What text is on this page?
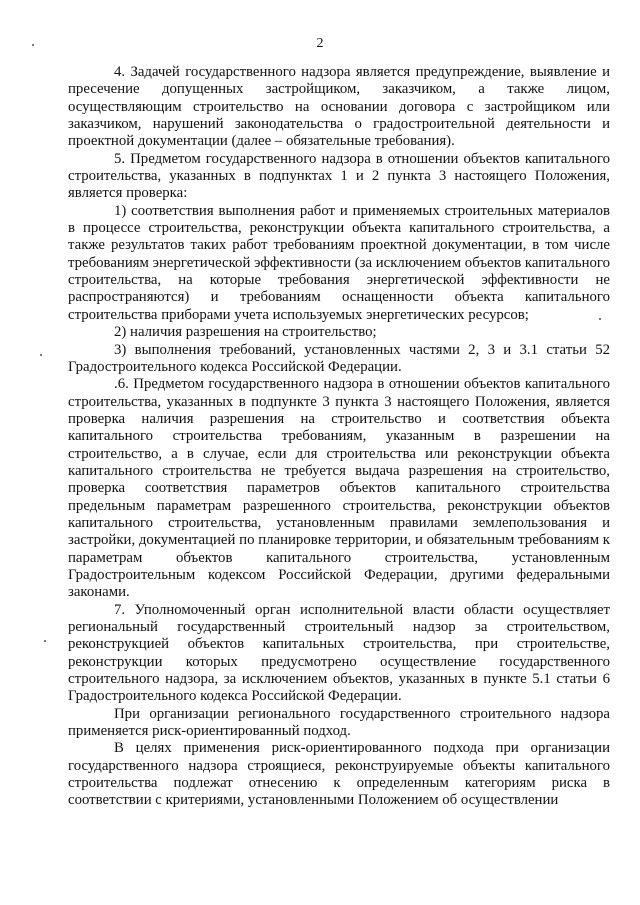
2

4. Задачей государственного надзора является предупреждение, выявление и пресечение допущенных застройщиком, заказчиком, а также лицом, осуществляющим строительство на основании договора с застройщиком или заказчиком, нарушений законодательства о градостроительной деятельности и проектной документации (далее – обязательные требования).

5. Предметом государственного надзора в отношении объектов капитального строительства, указанных в подпунктах 1 и 2 пункта 3 настоящего Положения, является проверка:

1) соответствия выполнения работ и применяемых строительных материалов в процессе строительства, реконструкции объекта капитального строительства, а также результатов таких работ требованиям проектной документации, в том числе требованиям энергетической эффективности (за исключением объектов капитального строительства, на которые требования энергетической эффективности не распространяются) и требованиям оснащенности объекта капитального строительства приборами учета используемых энергетических ресурсов;

2) наличия разрешения на строительство;

3) выполнения требований, установленных частями 2, 3 и 3.1 статьи 52 Градостроительного кодекса Российской Федерации.

.6. Предметом государственного надзора в отношении объектов капитального строительства, указанных в подпункте 3 пункта 3 настоящего Положения, является проверка наличия разрешения на строительство и соответствия объекта капитального строительства требованиям, указанным в разрешении на строительство, а в случае, если для строительства или реконструкции объекта капитального строительства не требуется выдача разрешения на строительство, проверка соответствия параметров объектов капитального строительства предельным параметрам разрешенного строительства, реконструкции объектов капитального строительства, установленным правилами землепользования и застройки, документацией по планировке территории, и обязательным требованиям к параметрам объектов капитального строительства, установленным Градостроительным кодексом Российской Федерации, другими федеральными законами.

7. Уполномоченный орган исполнительной власти области осуществляет региональный государственный строительный надзор за строительством, реконструкцией объектов капитальных строительства, при строительстве, реконструкции которых предусмотрено осуществление государственного строительного надзора, за исключением объектов, указанных в пункте 5.1 статьи 6 Градостроительного кодекса Российской Федерации.

При организации регионального государственного строительного надзора применяется риск-ориентированный подход.

В целях применения риск-ориентированного подхода при организации государственного надзора строящиеся, реконструируемые объекты капитального строительства подлежат отнесению к определенным категориям риска в соответствии с критериями, установленными Положением об осуществлении
